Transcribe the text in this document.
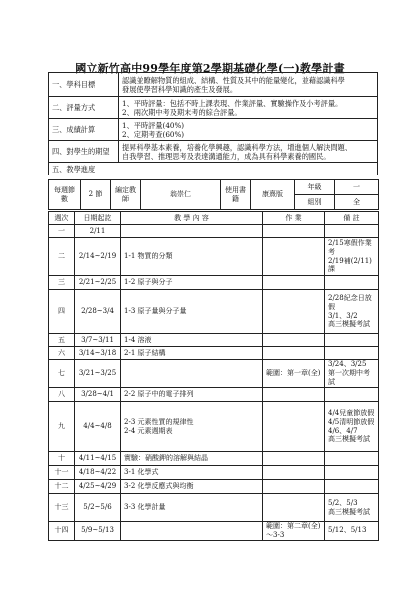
國立新竹高中99學年度第2學期基礎化學(一)教學計畫
一、學科目標	認識並瞭解物質的組成、結構、性質及其中的能量變化，並藉認識科學
發展使學習科學知識的產生及發展。

二、評量方式	1、平時評量：包括不時上課表現、作業評量、實驗操作及小考評量。
2、兩次期中考及期末考的綜合評量。

三、成績計算	1、平時評量(40%)
2、定期考查(60%)

四、對學生的期望	提昇科學基本素養，培養化學興趣，認識科學方法，增進個人解決問題、
自我學習、推理思考及表達溝通能力，成為具有科學素養的國民。

五、教學進度	
每週節數	2 節	編定教師	翁崇仁	使用書籍	康熹版	年級	一
						組別	全
週次	日期起訖	教 學 內 容	作 業	備 註
一	2/11			
二	2/14~2/19	1-1 物質的分類		2/15寒假作業考
2/19補(2/11)課

三	2/21~2/25	1-2 原子與分子		

四	2/28~3/4	1-3 原子量與分子量		2/28紀念日放假
3/1、3/2
高三模擬考試

五	3/7~3/11	1-4 溶液		

六	3/14~3/18	2-1 原子結構		

七	3/21~3/25		範圍：第一章(全)	3/24、3/25
第一次期中考試

八	3/28~4/1	2-2 原子中的電子排列		

九	4/4~4/8	2-3 元素性質的規律性
2-4 元素週期表		4/4兒童節放假
4/5清明節放假
4/6、4/7
高三模擬考試

十	4/11~4/15	實驗：硝酸鉀的溶解與結晶		

十一	4/18~4/22	3-1 化學式		

十二	4/25~4/29	3-2 化學反應式與均衡		

十三	5/2~5/6	3-3 化學計量		5/2、5/3
高三模擬考試

十四	5/9~5/13		範圍：第二章(全)～3-3	5/12、5/13
